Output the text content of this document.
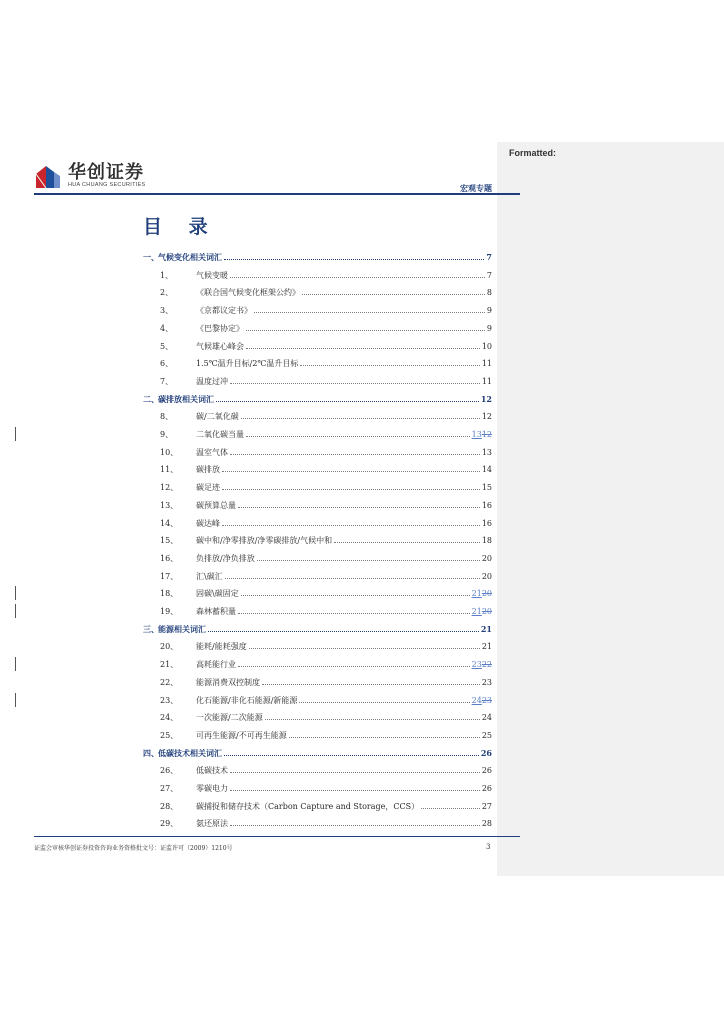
Formatted:
华创证券
HUA CHUANG SECURITIES	宏观专题
目 录
一、 气候变化相关词汇	7
1、	气候变暖	7
2、	《联合国气候变化框架公约》	8
3、	《京都议定书》	9
4、	《巴黎协定》	9
5、	气候雄心峰会	10
6、	1.5℃温升目标/2℃温升目标	11
7、	温度过冲	11
二、 碳排放相关词汇	12
8、	碳/二氧化碳	12
9、	二氧化碳当量	1312
10、	温室气体	13
11、	碳排放	14
12、	碳足迹	15
13、	碳预算总量	16
14、	碳达峰	16
15、	碳中和/净零排放/净零碳排放/气候中和	18
16、	负排放/净负排放	20
17、	汇\碳汇	20
18、	固碳\碳固定	2120
19、	森林蓄积量	2120
三、 能源相关词汇	21
20、	能耗/能耗强度	21
21、	高耗能行业	2322
22、	能源消费双控制度	23
23、	化石能源/非化石能源/新能源	2423
24、	一次能源/二次能源	24
25、	可再生能源/不可再生能源	25
四、 低碳技术相关词汇	26
26、	低碳技术	26
27、	零碳电力	26
28、	碳捕捉和储存技术（Carbon Capture and Storage，CCS）	27
29、	氨还原法	28
证监会审核华创证券投资咨询业务资格批文号：证监许可（2009）1210号	3
